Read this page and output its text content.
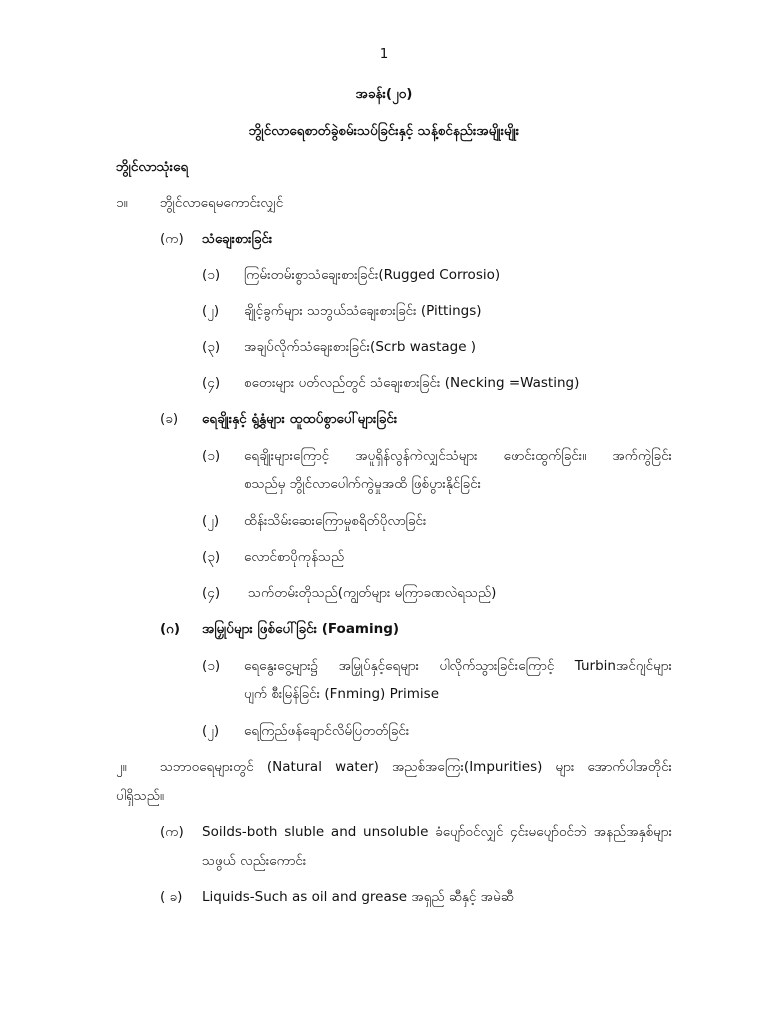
1
အခန်း(၂၀)
ဘွိုင်လာရေစာတ်ခွဲစမ်းသပ်ခြင်းနှင့် သန့်စင်နည်းအမျိုးမျိုး
ဘွိုင်လာသုံးရေ
၁။ ဘွိုင်လာရေမကောင်းလျှင်
(က) သံချေးစားခြင်း
(၁) ကြမ်းတမ်းစွာသံချေးစားခြင်း(Rugged Corrosio)
(၂) ချိုင့်ခွက်များ သဘွယ်သံချေးစားခြင်း (Pittings)
(၃) အချပ်လိုက်သံချေးစားခြင်း(Scrb wastage )
(၄) စတေးများ ပတ်လည်တွင် သံချေးစားခြင်း (Necking =Wasting)
(ခ) ရေချိုးနှင့် ရွံ့နွံများ ထူထပ်စွာပေါ်များခြင်း
(၁) ရေချိုးများကြောင့် အပူရှိန်လွန်ကဲလျှင်သံများ ဖောင်းထွက်ခြင်း။ အက်ကွဲခြင်း
စသည်မှ ဘွိုင်လာပေါက်ကွဲမှုအထိ ဖြစ်ပွားနိုင်ခြင်း
(၂) ထိန်းသိမ်းဆေးကြောမှုစရိတ်ပိုလာခြင်း
(၃) လောင်စာပိုကုန်သည်
(၄) သက်တမ်းတိုသည်(ကျွတ်များ မကြာခဏလဲရသည်)
(ဂ) အမြှုပ်များ ဖြစ်ပေါ်ခြင်း (Foaming)
(၁) ရေနွေးငွေ့များ၌ အမြှုပ်နှင့်ရေများ ပါလိုက်သွားခြင်းကြောင့် Turbinအင်ဂျင်များ
ပျက် စီးမြန်ခြင်း (Fnming) Primise
(၂) ရေကြည်ဖန်ချောင်လိမ်ပြတတ်ခြင်း
၂။ သဘာဝရေများတွင် (Natural water) အညစ်အကြေး(Impurities) များ အောက်ပါအတိုင်း
ပါရှိသည်။
(က) Soilds-both sluble and unsoluble ခံပျော်ဝင်လျှင် ၄င်းမပျော်ဝင်ဘဲ အနည်အနှစ်များ
သဖွယ် လည်းကောင်း
( ခ) Liquids-Such as oil and grease အရှည် ဆီနှင့် အမဲဆီ
